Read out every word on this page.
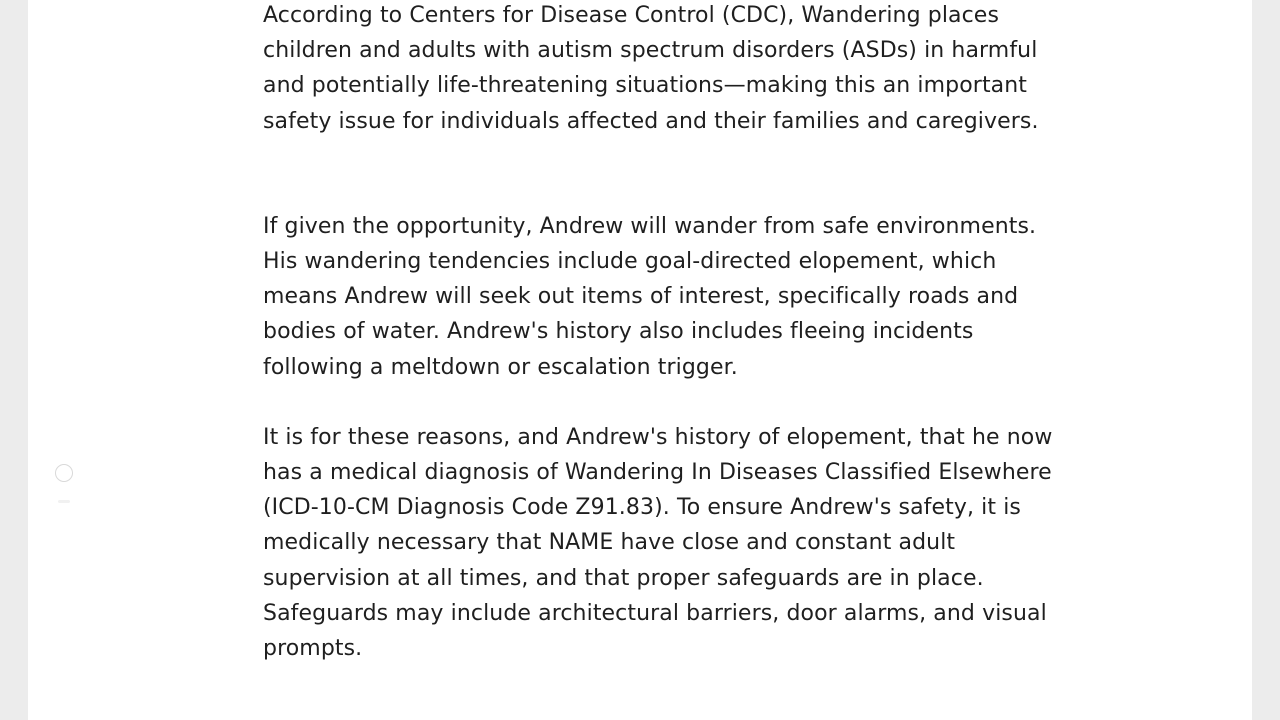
According to Centers for Disease Control (CDC), Wandering places
children and adults with autism spectrum disorders (ASDs) in harmful
and potentially life-threatening situations—making this an important
safety issue for individuals affected and their families and caregivers.

If given the opportunity, Andrew will wander from safe environments.
His wandering tendencies include goal-directed elopement, which
means Andrew will seek out items of interest, specifically roads and
bodies of water. Andrew's history also includes fleeing incidents
following a meltdown or escalation trigger.

It is for these reasons, and Andrew's history of elopement, that he now
has a medical diagnosis of Wandering In Diseases Classified Elsewhere
(ICD-10-CM Diagnosis Code Z91.83). To ensure Andrew's safety, it is
medically necessary that NAME have close and constant adult
supervision at all times, and that proper safeguards are in place.
Safeguards may include architectural barriers, door alarms, and visual
prompts.
